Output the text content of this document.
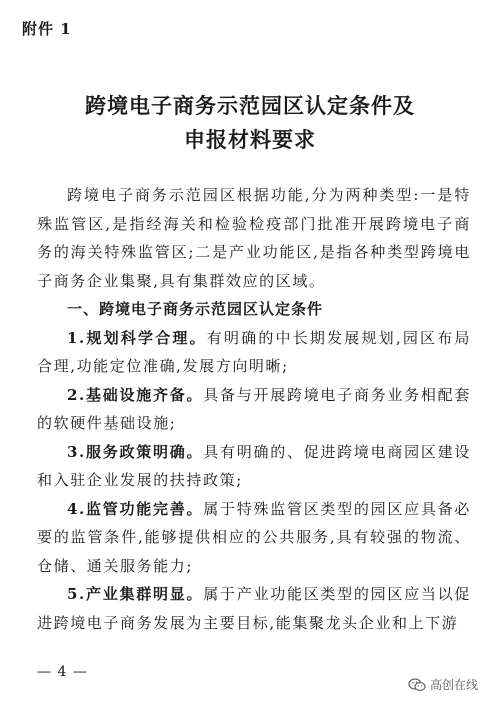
附件 1
跨境电子商务示范园区认定条件及
申报材料要求

跨境电子商务示范园区根据功能,分为两种类型:一是特殊监管区,是指经海关和检验检疫部门批准开展跨境电子商务的海关特殊监管区;二是产业功能区,是指各种类型跨境电子商务企业集聚,具有集群效应的区域。

一、跨境电子商务示范园区认定条件

1.规划科学合理。有明确的中长期发展规划,园区布局合理,功能定位准确,发展方向明晰;

2.基础设施齐备。具备与开展跨境电子商务业务相配套的软硬件基础设施;

3.服务政策明确。具有明确的、促进跨境电商园区建设和入驻企业发展的扶持政策;

4.监管功能完善。属于特殊监管区类型的园区应具备必要的监管条件,能够提供相应的公共服务,具有较强的物流、仓储、通关服务能力;

5.产业集群明显。属于产业功能区类型的园区应当以促进跨境电子商务发展为主要目标,能集聚龙头企业和上下游

— 4 —
高创在线
